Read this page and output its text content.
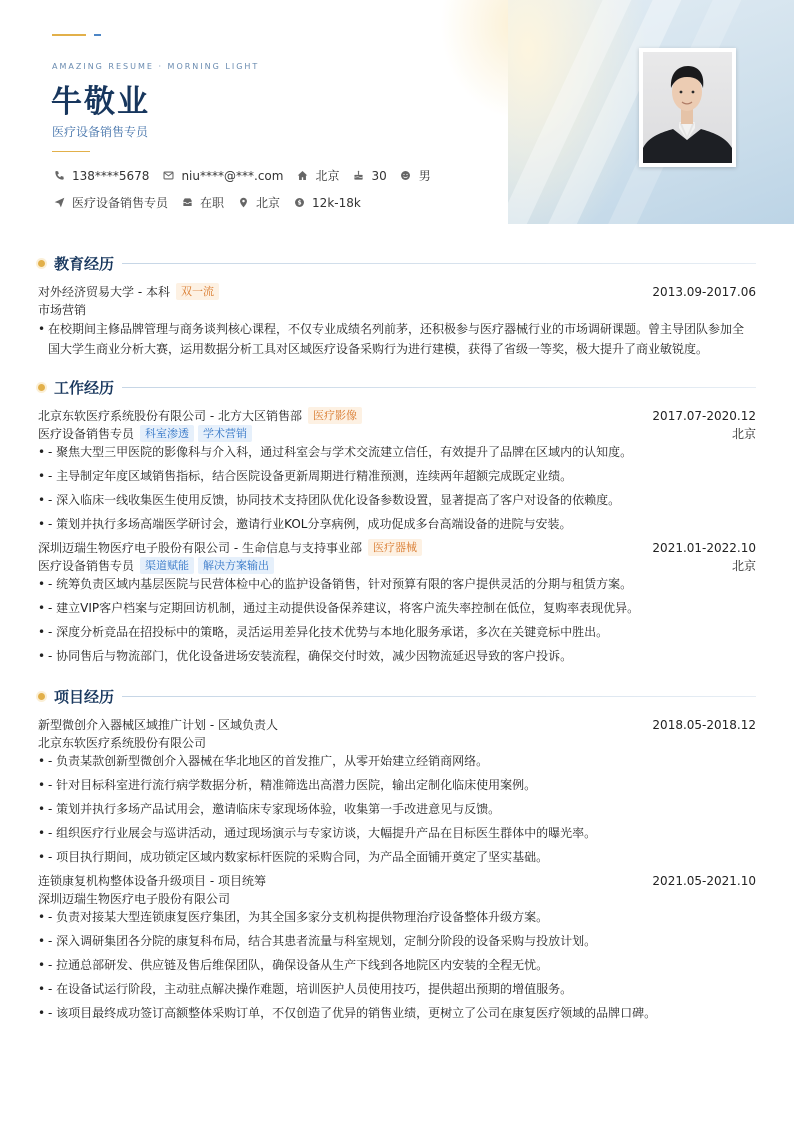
AMAZING RESUME · MORNING LIGHT
牛敬业
医疗设备销售专员
138****5678	niu****@***.com	北京	30	男
医疗设备销售专员	在职	北京 $ 12k-18k
教育经历
对外经济贸易大学 - 本科	双一流	2013.09-2017.06
市场营销
• 在校期间主修品牌管理与商务谈判核心课程，不仅专业成绩名列前茅，还积极参与医疗器械行业的市场调研课题。曾主导团队参加全国大学生商业分析大赛，运用数据分析工具对区域医疗设备采购行为进行建模，获得了省级一等奖，极大提升了商业敏锐度。
工作经历
北京东软医疗系统股份有限公司 - 北方大区销售部	医疗影像	2017.07-2020.12
医疗设备销售专员	科室渗透	学术营销	北京
• - 聚焦大型三甲医院的影像科与介入科，通过科室会与学术交流建立信任，有效提升了品牌在区域内的认知度。
• - 主导制定年度区域销售指标，结合医院设备更新周期进行精准预测，连续两年超额完成既定业绩。
• - 深入临床一线收集医生使用反馈，协同技术支持团队优化设备参数设置，显著提高了客户对设备的依赖度。
• - 策划并执行多场高端医学研讨会，邀请行业KOL分享病例，成功促成多台高端设备的进院与安装。
深圳迈瑞生物医疗电子股份有限公司 - 生命信息与支持事业部	医疗器械	2021.01-2022.10
医疗设备销售专员	渠道赋能	解决方案输出	北京
• - 统筹负责区域内基层医院与民营体检中心的监护设备销售，针对预算有限的客户提供灵活的分期与租赁方案。
• - 建立VIP客户档案与定期回访机制，通过主动提供设备保养建议，将客户流失率控制在低位，复购率表现优异。
• - 深度分析竞品在招投标中的策略，灵活运用差异化技术优势与本地化服务承诺，多次在关键竞标中胜出。
• - 协同售后与物流部门，优化设备进场安装流程，确保交付时效，减少因物流延迟导致的客户投诉。
项目经历
新型微创介入器械区域推广计划 - 区域负责人	2018.05-2018.12
北京东软医疗系统股份有限公司
• - 负责某款创新型微创介入器械在华北地区的首发推广，从零开始建立经销商网络。
• - 针对目标科室进行流行病学数据分析，精准筛选出高潜力医院，输出定制化临床使用案例。
• - 策划并执行多场产品试用会，邀请临床专家现场体验，收集第一手改进意见与反馈。
• - 组织医疗行业展会与巡讲活动，通过现场演示与专家访谈，大幅提升产品在目标医生群体中的曝光率。
• - 项目执行期间，成功锁定区域内数家标杆医院的采购合同，为产品全面铺开奠定了坚实基础。
连锁康复机构整体设备升级项目 - 项目统筹	2021.05-2021.10
深圳迈瑞生物医疗电子股份有限公司
• - 负责对接某大型连锁康复医疗集团，为其全国多家分支机构提供物理治疗设备整体升级方案。
• - 深入调研集团各分院的康复科布局，结合其患者流量与科室规划，定制分阶段的设备采购与投放计划。
• - 拉通总部研发、供应链及售后维保团队，确保设备从生产下线到各地院区内安装的全程无忧。
• - 在设备试运行阶段，主动驻点解决操作难题，培训医护人员使用技巧，提供超出预期的增值服务。
• - 该项目最终成功签订高额整体采购订单，不仅创造了优异的销售业绩，更树立了公司在康复医疗领域的品牌口碑。
